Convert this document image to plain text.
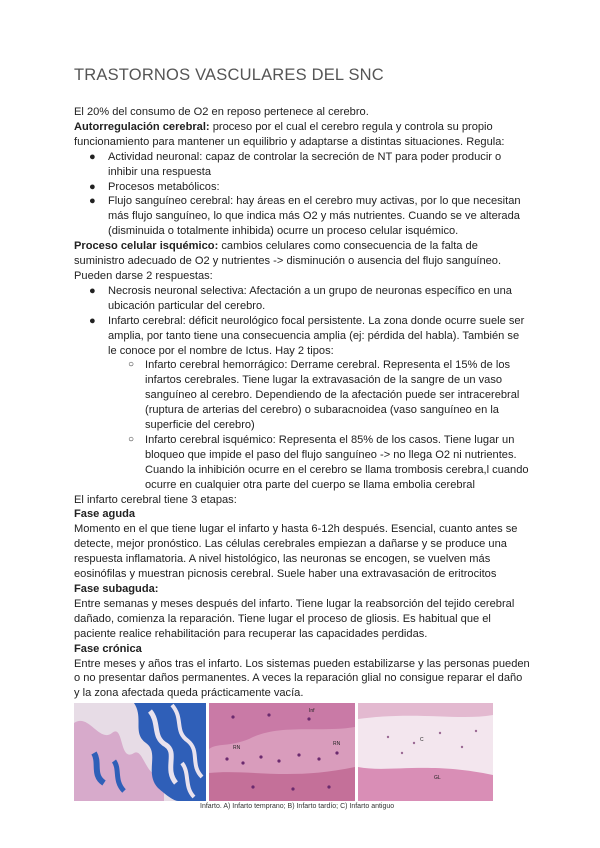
TRASTORNOS VASCULARES DEL SNC

El 20% del consumo de O2 en reposo pertenece al cerebro.

Autorregulación cerebral: proceso por el cual el cerebro regula y controla su propio funcionamiento para mantener un equilibrio y adaptarse a distintas situaciones. Regula:

● Actividad neuronal: capaz de controlar la secreción de NT para poder producir o inhibir una respuesta
● Procesos metabólicos:
● Flujo sanguíneo cerebral: hay áreas en el cerebro muy activas, por lo que necesitan más flujo sanguíneo, lo que indica más O2 y más nutrientes. Cuando se ve alterada (disminuida o totalmente inhibida) ocurre un proceso celular isquémico.

Proceso celular isquémico: cambios celulares como consecuencia de la falta de suministro adecuado de O2 y nutrientes -> disminución o ausencia del flujo sanguíneo. Pueden darse 2 respuestas:

● Necrosis neuronal selectiva: Afectación a un grupo de neuronas específico en una ubicación particular del cerebro.
● Infarto cerebral: déficit neurológico focal persistente. La zona donde ocurre suele ser amplia, por tanto tiene una consecuencia amplia (ej: pérdida del habla). También se le conoce por el nombre de Ictus. Hay 2 tipos:
○ Infarto cerebral hemorrágico: Derrame cerebral. Representa el 15% de los infartos cerebrales. Tiene lugar la extravasación de la sangre de un vaso sanguíneo al cerebro. Dependiendo de la afectación puede ser intracerebral (ruptura de arterias del cerebro) o subaracnoidea (vaso sanguíneo en la superficie del cerebro)
○ Infarto cerebral isquémico: Representa el 85% de los casos. Tiene lugar un bloqueo que impide el paso del flujo sanguíneo -> no llega O2 ni nutrientes. Cuando la inhibición ocurre en el cerebro se llama trombosis cerebra,l cuando ocurre en cualquier otra parte del cuerpo se llama embolia cerebral

El infarto cerebral tiene 3 etapas:

Fase aguda

Momento en el que tiene lugar el infarto y hasta 6-12h después. Esencial, cuanto antes se detecte, mejor pronóstico. Las células cerebrales empiezan a dañarse y se produce una respuesta inflamatoria. A nivel histológico, las neuronas se encogen, se vuelven más eosinófilas y muestran picnosis cerebral. Suele haber una extravasación de eritrocitos

Fase subaguda:

Entre semanas y meses después del infarto. Tiene lugar la reabsorción del tejido cerebral dañado, comienza la reparación. Tiene lugar el proceso de gliosis. Es habitual que el paciente realice rehabilitación para recuperar las capacidades perdidas.

Fase crónica

Entre meses y años tras el infarto. Los sistemas pueden estabilizarse y las personas pueden o no presentar daños permanentes. A veces la reparación glial no consigue reparar el daño y la zona afectada queda prácticamente vacía.

Inf
RN
RN
C
GL
Infarto. A) Infarto temprano; B) Infarto tardío; C) Infarto antiguo
